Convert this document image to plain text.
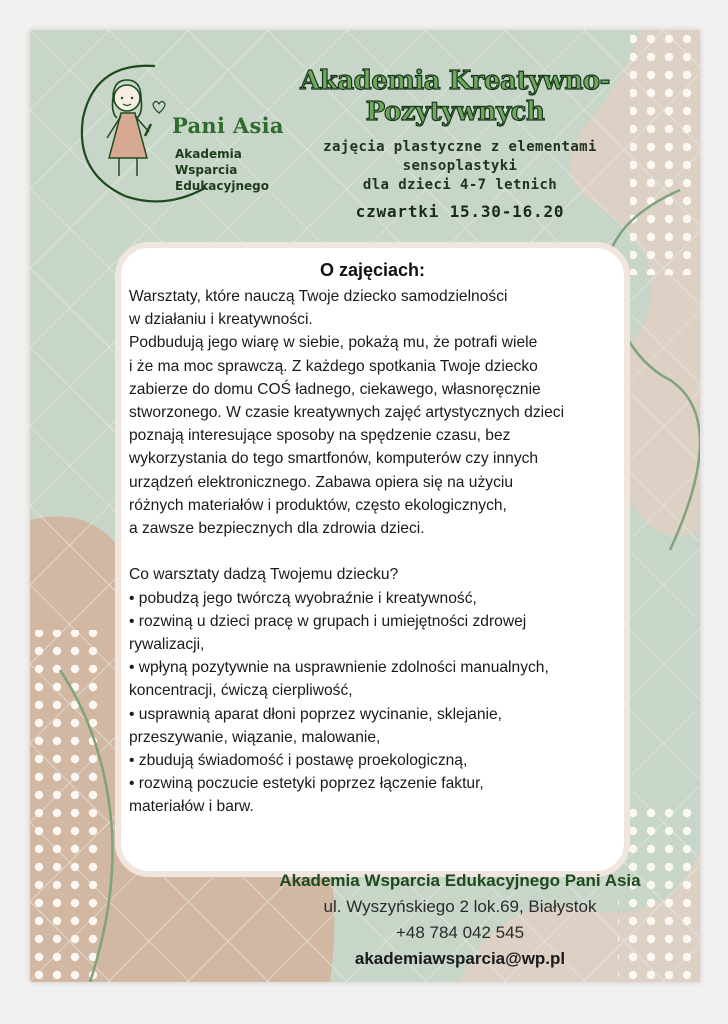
Pani Asia
Akademia
Wsparcia
Edukacyjnego
Akademia Kreatywno-
Pozytywnych
zajęcia plastyczne z elementami
sensoplastyki
dla dzieci 4-7 letnich
czwartki 15.30-16.20
O zajęciach:
Warsztaty, które nauczą Twoje dziecko samodzielności
w działaniu i kreatywności.
Podbudują jego wiarę w siebie, pokażą mu, że potrafi wiele
i że ma moc sprawczą. Z każdego spotkania Twoje dziecko
zabierze do domu COŚ ładnego, ciekawego, własnoręcznie
stworzonego. W czasie kreatywnych zajęć artystycznych dzieci
poznają interesujące sposoby na spędzenie czasu, bez
wykorzystania do tego smartfonów, komputerów czy innych
urządzeń elektronicznego. Zabawa opiera się na użyciu
różnych materiałów i produktów, często ekologicznych,
a zawsze bezpiecznych dla zdrowia dzieci.

Co warsztaty dadzą Twojemu dziecku?
• pobudzą jego twórczą wyobraźnie i kreatywność,
• rozwiną u dzieci pracę w grupach i umiejętności zdrowej
rywalizacji,
• wpłyną pozytywnie na usprawnienie zdolności manualnych,
koncentracji, ćwiczą cierpliwość,
• usprawnią aparat dłoni poprzez wycinanie, sklejanie,
przeszywanie, wiązanie, malowanie,
• zbudują świadomość i postawę proekologiczną,
• rozwiną poczucie estetyki poprzez łączenie faktur,
materiałów i barw.
Akademia Wsparcia Edukacyjnego Pani Asia
ul. Wyszyńskiego 2 lok.69, Białystok
+48 784 042 545
akademiawsparcia@wp.pl
